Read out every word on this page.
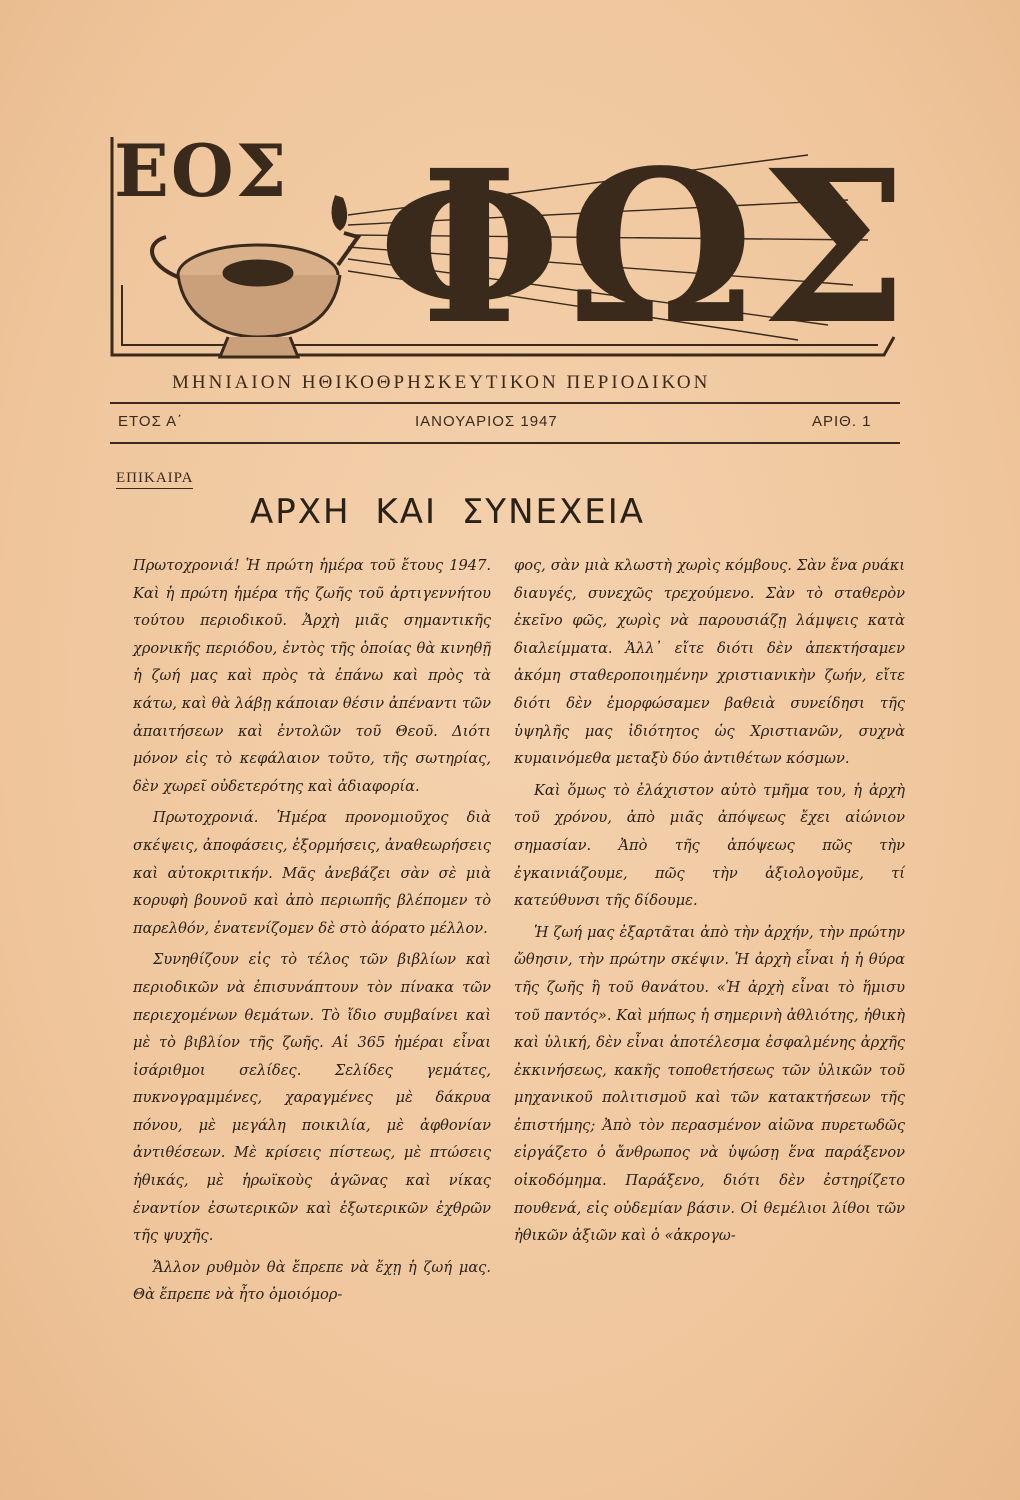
ΕΟΣ ΦΩΣ
ΜΗΝΙΑΙΟΝ ΗΘΙΚΟΘΡΗΣΚΕΥΤΙΚΟΝ ΠΕΡΙΟΔΙΚΟΝ
ΕΤΟΣ Α΄	ΙΑΝΟΥΑΡΙΟΣ 1947	ΑΡΙΘ. 1
ΕΠΙΚΑΙΡΑ
ΑΡΧΗ ΚΑΙ ΣΥΝΕΧΕΙΑ

Πρωτοχρονιά! Ἡ πρώτη ἡμέρα τοῦ ἔτους 1947. Καὶ ἡ πρώτη ἡμέρα τῆς ζωῆς τοῦ ἀρτιγεννήτου τούτου περιοδικοῦ. Ἀρχὴ μιᾶς σημαντικῆς χρονικῆς περιόδου, ἐντὸς τῆς ὁποίας θὰ κινηθῇ ἡ ζωή μας καὶ πρὸς τὰ ἐπάνω καὶ πρὸς τὰ κάτω, καὶ θὰ λάβῃ κάποιαν θέσιν ἀπέναντι τῶν ἀπαιτήσεων καὶ ἐντολῶν τοῦ Θεοῦ. Διότι μόνον εἰς τὸ κεφάλαιον τοῦτο, τῆς σωτηρίας, δὲν χωρεῖ οὐδετερότης καὶ ἀδιαφορία.

Πρωτοχρονιά. Ἡμέρα προνομιοῦχος διὰ σκέψεις, ἀποφάσεις, ἐξορμήσεις, ἀναθεωρήσεις καὶ αὐτοκριτικήν. Μᾶς ἀνεβάζει σὰν σὲ μιὰ κορυφὴ βουνοῦ καὶ ἀπὸ περιωπῆς βλέπομεν τὸ παρελθόν, ἐνατενίζομεν δὲ στὸ ἀόρατο μέλλον.

Συνηθίζουν εἰς τὸ τέλος τῶν βιβλίων καὶ περιοδικῶν νὰ ἐπισυνάπτουν τὸν πίνακα τῶν περιεχομένων θεμάτων. Τὸ ἴδιο συμβαίνει καὶ μὲ τὸ βιβλίον τῆς ζωῆς. Αἱ 365 ἡμέραι εἶναι ἰσάριθμοι σελίδες. Σελίδες γεμάτες, πυκνογραμμένες, χαραγμένες μὲ δάκρυα πόνου, μὲ μεγάλη ποικιλία, μὲ ἀφθονίαν ἀντιθέσεων. Μὲ κρίσεις πίστεως, μὲ πτώσεις ἠθικάς, μὲ ἡρωϊκοὺς ἀγῶνας καὶ νίκας ἐναντίον ἐσωτερικῶν καὶ ἐξωτερικῶν ἐχθρῶν τῆς ψυχῆς.

Ἄλλον ρυθμὸν θὰ ἔπρεπε νὰ ἔχῃ ἡ ζωή μας. Θὰ ἔπρεπε νὰ ἦτο ὁμοιόμορ-

φος, σὰν μιὰ κλωστὴ χωρὶς κόμβους. Σὰν ἕνα ρυάκι διαυγές, συνεχῶς τρεχούμενο. Σὰν τὸ σταθερὸν ἐκεῖνο φῶς, χωρὶς νὰ παρουσιάζῃ λάμψεις κατὰ διαλείμματα. Ἀλλ᾿ εἴτε διότι δὲν ἀπεκτήσαμεν ἀκόμη σταθεροποιημένην χριστιανικὴν ζωήν, εἴτε διότι δὲν ἐμορφώσαμεν βαθειὰ συνείδησι τῆς ὑψηλῆς μας ἰδιότητος ὡς Χριστιανῶν, συχνὰ κυμαινόμεθα μεταξὺ δύο ἀντιθέτων κόσμων.

Καὶ ὅμως τὸ ἐλάχιστον αὐτὸ τμῆμα του, ἡ ἀρχὴ τοῦ χρόνου, ἀπὸ μιᾶς ἀπόψεως ἔχει αἰώνιον σημασίαν. Ἀπὸ τῆς ἀπόψεως πῶς τὴν ἐγκαινιάζουμε, πῶς τὴν ἀξιολογοῦμε, τί κατεύθυνσι τῆς δίδουμε.

Ἡ ζωή μας ἐξαρτᾶται ἀπὸ τὴν ἀρχήν, τὴν πρώτην ὤθησιν, τὴν πρώτην σκέψιν. Ἡ ἀρχὴ εἶναι ἡ ἡ θύρα τῆς ζωῆς ἢ τοῦ θανάτου. «Ἡ ἀρχὴ εἶναι τὸ ἥμισυ τοῦ παντός». Καὶ μήπως ἡ σημερινὴ ἀθλιότης, ἠθικὴ καὶ ὑλική, δὲν εἶναι ἀποτέλεσμα ἐσφαλμένης ἀρχῆς ἐκκινήσεως, κακῆς τοποθετήσεως τῶν ὑλικῶν τοῦ μηχανικοῦ πολιτισμοῦ καὶ τῶν κατακτήσεων τῆς ἐπιστήμης; Ἀπὸ τὸν περασμένον αἰῶνα πυρετωδῶς εἰργάζετο ὁ ἄνθρωπος νὰ ὑψώσῃ ἕνα παράξενον οἰκοδόμημα. Παράξενο, διότι δὲν ἐστηρίζετο πουθενά, εἰς οὐδεμίαν βάσιν. Οἱ θεμέλιοι λίθοι τῶν ἠθικῶν ἀξιῶν καὶ ὁ «ἀκρογω-
